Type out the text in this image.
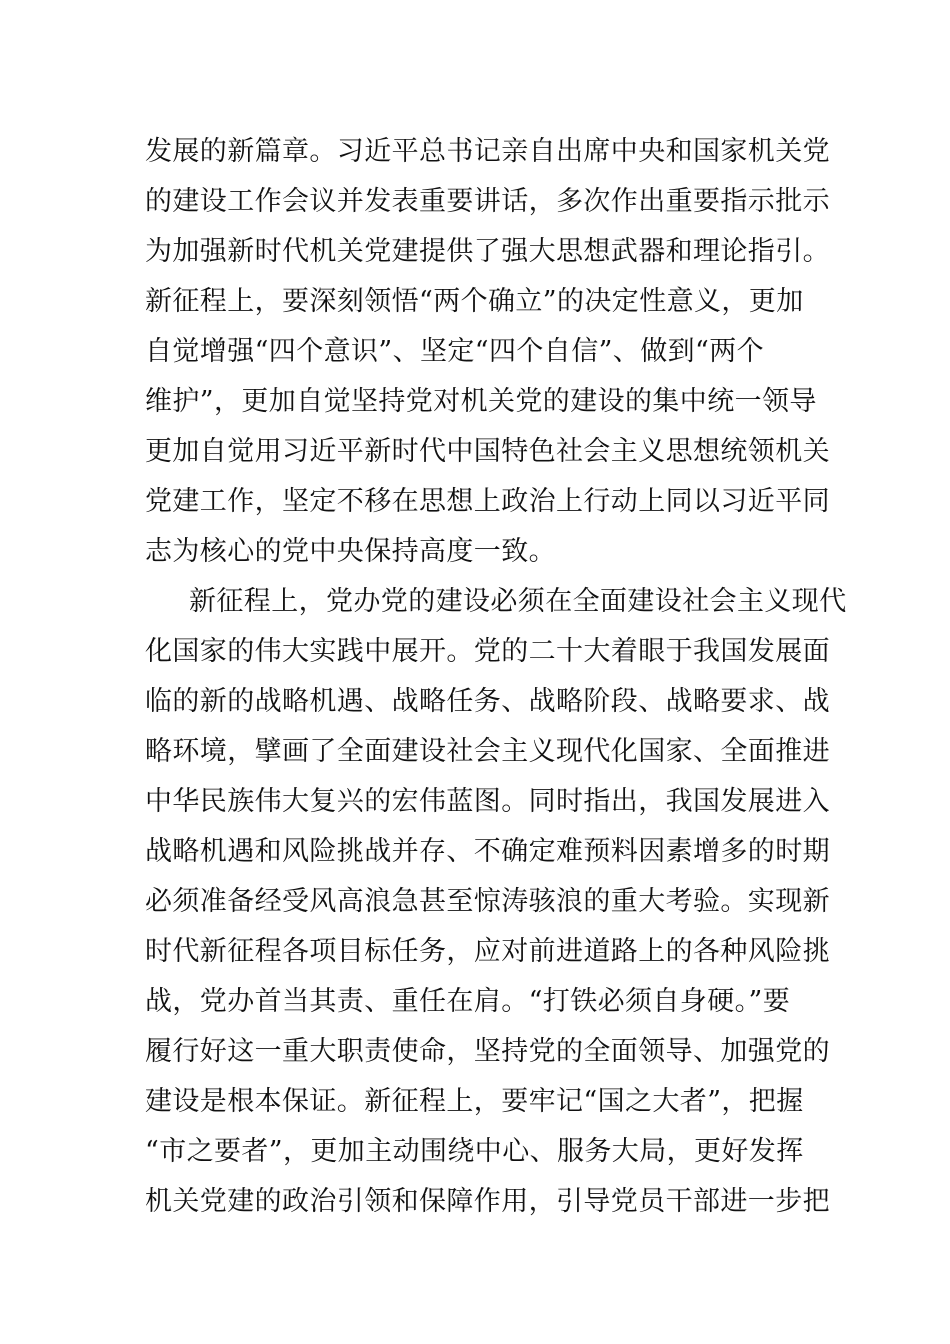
发展的新篇章。习近平总书记亲自出席中央和国家机关党
的建设工作会议并发表重要讲话，多次作出重要指示批示
为加强新时代机关党建提供了强大思想武器和理论指引。
新征程上，要深刻领悟“两个确立”的决定性意义，更加
自觉增强“四个意识”、坚定“四个自信”、做到“两个
维护”，更加自觉坚持党对机关党的建设的集中统一领导
更加自觉用习近平新时代中国特色社会主义思想统领机关
党建工作，坚定不移在思想上政治上行动上同以习近平同
志为核心的党中央保持高度一致。
新征程上，党办党的建设必须在全面建设社会主义现代
化国家的伟大实践中展开。党的二十大着眼于我国发展面
临的新的战略机遇、战略任务、战略阶段、战略要求、战
略环境，擘画了全面建设社会主义现代化国家、全面推进
中华民族伟大复兴的宏伟蓝图。同时指出，我国发展进入
战略机遇和风险挑战并存、不确定难预料因素增多的时期
必须准备经受风高浪急甚至惊涛骇浪的重大考验。实现新
时代新征程各项目标任务，应对前进道路上的各种风险挑
战，党办首当其责、重任在肩。“打铁必须自身硬。”要
履行好这一重大职责使命，坚持党的全面领导、加强党的
建设是根本保证。新征程上，要牢记“国之大者”，把握
“市之要者”，更加主动围绕中心、服务大局，更好发挥
机关党建的政治引领和保障作用，引导党员干部进一步把
